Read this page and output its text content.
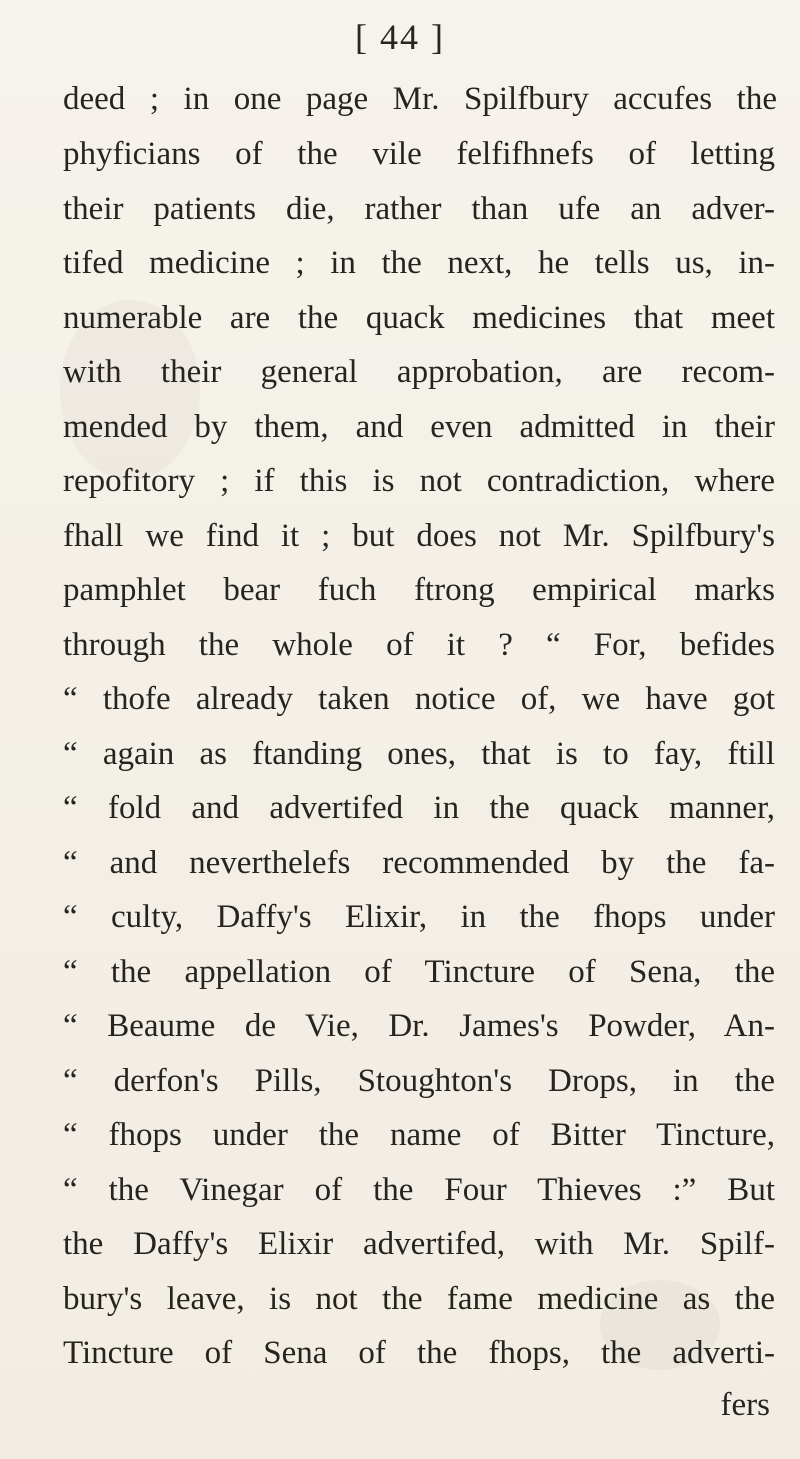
[ 44 ]
deed ; in one page Mr. Spilfbury accufes the
phyficians of the vile felfifhnefs of letting
their patients die, rather than ufe an adver-
tifed medicine ; in the next, he tells us, in-
numerable are the quack medicines that meet
with their general approbation, are recom-
mended by them, and even admitted in their
repofitory ; if this is not contradiction, where
fhall we find it ; but does not Mr. Spilfbury's
pamphlet bear fuch ftrong empirical marks
through the whole of it ? “ For, befides
“ thofe already taken notice of, we have got
“ again as ftanding ones, that is to fay, ftill
“ fold and advertifed in the quack manner,
“ and neverthelefs recommended by the fa-
“ culty, Daffy's Elixir, in the fhops under
“ the appellation of Tincture of Sena, the
“ Beaume de Vie, Dr. James's Powder, An-
“ derfon's Pills, Stoughton's Drops, in the
“ fhops under the name of Bitter Tincture,
“ the Vinegar of the Four Thieves :” But
the Daffy's Elixir advertifed, with Mr. Spilf-
bury's leave, is not the fame medicine as the
Tincture of Sena of the fhops, the adverti-
fers
